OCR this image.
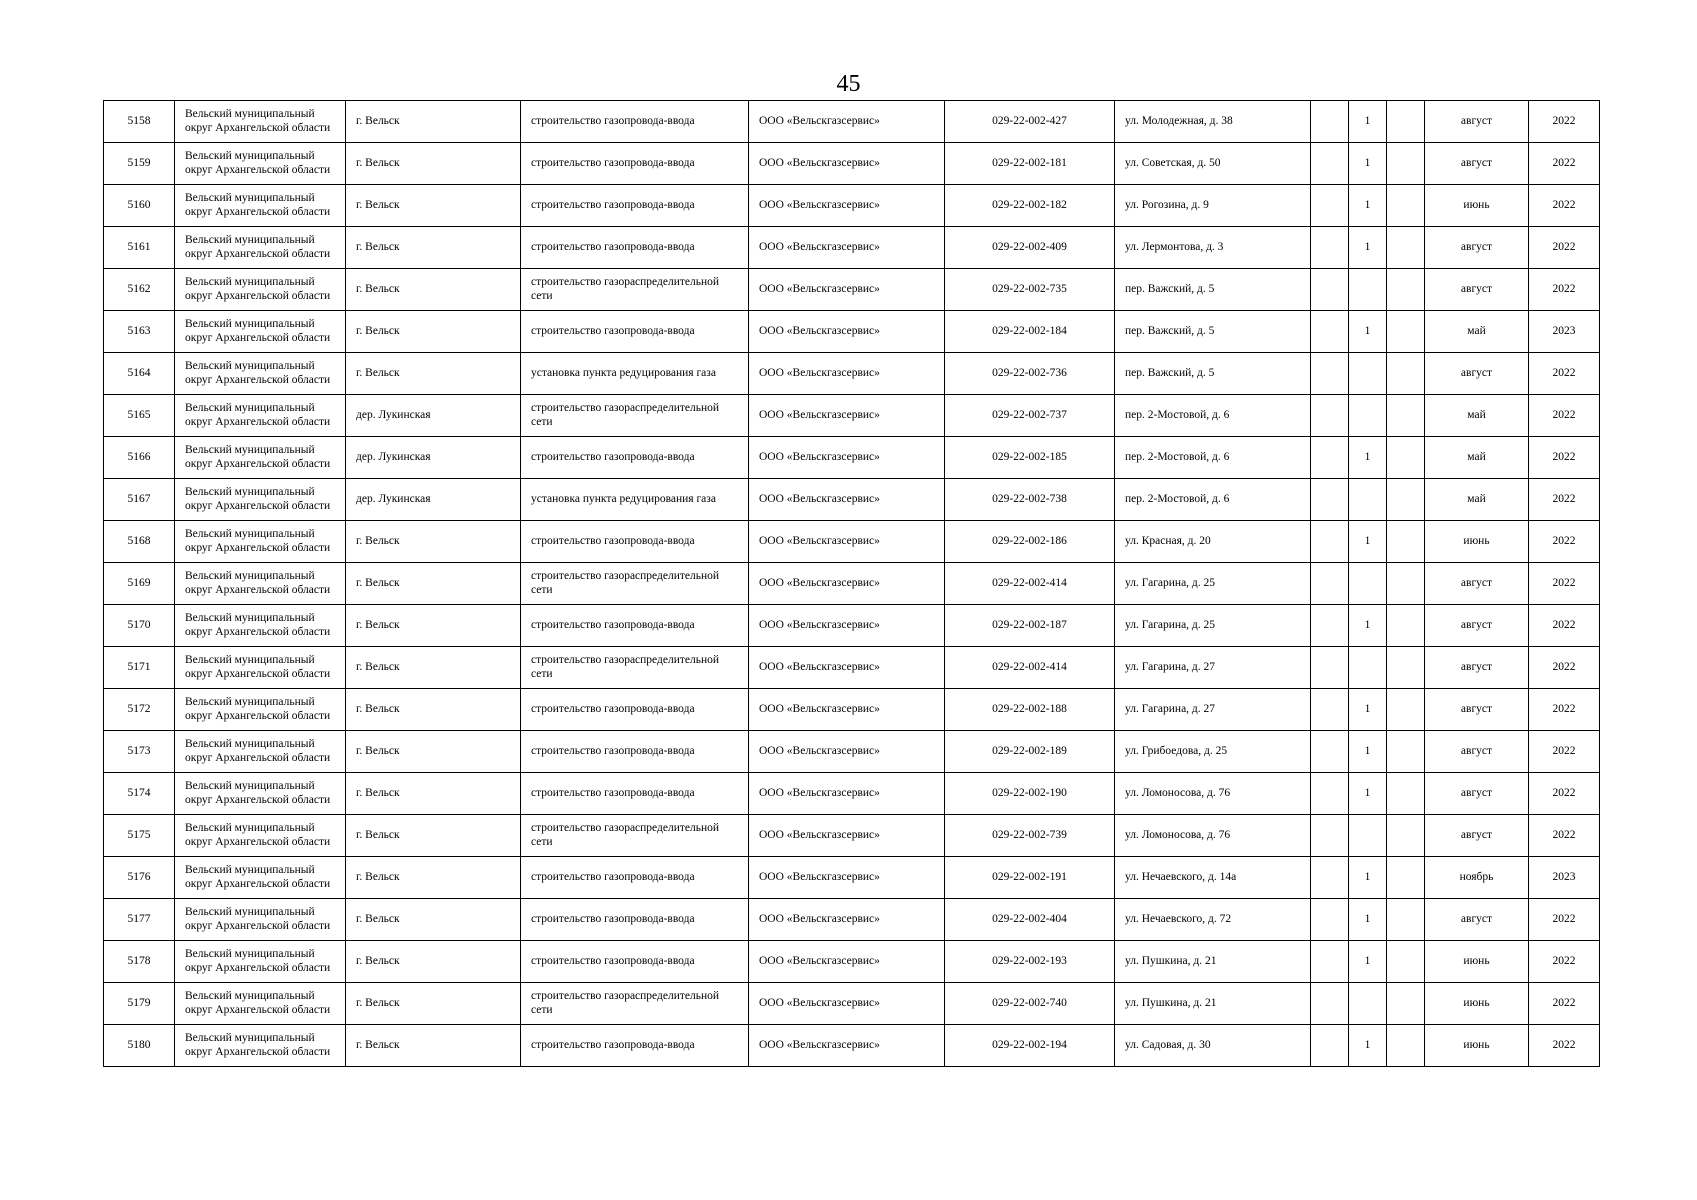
45
5158	Вельский муниципальный округ Архангельской области	г. Вельск	строительство газопровода-ввода	ООО «Вельскгазсервис»	029-22-002-427	ул. Молодежная, д. 38		1		август	2022
5159	Вельский муниципальный округ Архангельской области	г. Вельск	строительство газопровода-ввода	ООО «Вельскгазсервис»	029-22-002-181	ул. Советская, д. 50		1		август	2022
5160	Вельский муниципальный округ Архангельской области	г. Вельск	строительство газопровода-ввода	ООО «Вельскгазсервис»	029-22-002-182	ул. Рогозина, д. 9		1		июнь	2022
5161	Вельский муниципальный округ Архангельской области	г. Вельск	строительство газопровода-ввода	ООО «Вельскгазсервис»	029-22-002-409	ул. Лермонтова, д. 3		1		август	2022
5162	Вельский муниципальный округ Архангельской области	г. Вельск	строительство газораспределительной сети	ООО «Вельскгазсервис»	029-22-002-735	пер. Важский, д. 5				август	2022
5163	Вельский муниципальный округ Архангельской области	г. Вельск	строительство газопровода-ввода	ООО «Вельскгазсервис»	029-22-002-184	пер. Важский, д. 5		1		май	2023
5164	Вельский муниципальный округ Архангельской области	г. Вельск	установка пункта редуцирования газа	ООО «Вельскгазсервис»	029-22-002-736	пер. Важский, д. 5				август	2022
5165	Вельский муниципальный округ Архангельской области	дер. Лукинская	строительство газораспределительной сети	ООО «Вельскгазсервис»	029-22-002-737	пер. 2-Мостовой, д. 6				май	2022
5166	Вельский муниципальный округ Архангельской области	дер. Лукинская	строительство газопровода-ввода	ООО «Вельскгазсервис»	029-22-002-185	пер. 2-Мостовой, д. 6		1		май	2022
5167	Вельский муниципальный округ Архангельской области	дер. Лукинская	установка пункта редуцирования газа	ООО «Вельскгазсервис»	029-22-002-738	пер. 2-Мостовой, д. 6				май	2022
5168	Вельский муниципальный округ Архангельской области	г. Вельск	строительство газопровода-ввода	ООО «Вельскгазсервис»	029-22-002-186	ул. Красная, д. 20		1		июнь	2022
5169	Вельский муниципальный округ Архангельской области	г. Вельск	строительство газораспределительной сети	ООО «Вельскгазсервис»	029-22-002-414	ул. Гагарина, д. 25				август	2022
5170	Вельский муниципальный округ Архангельской области	г. Вельск	строительство газопровода-ввода	ООО «Вельскгазсервис»	029-22-002-187	ул. Гагарина, д. 25		1		август	2022
5171	Вельский муниципальный округ Архангельской области	г. Вельск	строительство газораспределительной сети	ООО «Вельскгазсервис»	029-22-002-414	ул. Гагарина, д. 27				август	2022
5172	Вельский муниципальный округ Архангельской области	г. Вельск	строительство газопровода-ввода	ООО «Вельскгазсервис»	029-22-002-188	ул. Гагарина, д. 27		1		август	2022
5173	Вельский муниципальный округ Архангельской области	г. Вельск	строительство газопровода-ввода	ООО «Вельскгазсервис»	029-22-002-189	ул. Грибоедова, д. 25		1		август	2022
5174	Вельский муниципальный округ Архангельской области	г. Вельск	строительство газопровода-ввода	ООО «Вельскгазсервис»	029-22-002-190	ул. Ломоносова, д. 76		1		август	2022
5175	Вельский муниципальный округ Архангельской области	г. Вельск	строительство газораспределительной сети	ООО «Вельскгазсервис»	029-22-002-739	ул. Ломоносова, д. 76				август	2022
5176	Вельский муниципальный округ Архангельской области	г. Вельск	строительство газопровода-ввода	ООО «Вельскгазсервис»	029-22-002-191	ул. Нечаевского, д. 14а		1		ноябрь	2023
5177	Вельский муниципальный округ Архангельской области	г. Вельск	строительство газопровода-ввода	ООО «Вельскгазсервис»	029-22-002-404	ул. Нечаевского, д. 72		1		август	2022
5178	Вельский муниципальный округ Архангельской области	г. Вельск	строительство газопровода-ввода	ООО «Вельскгазсервис»	029-22-002-193	ул. Пушкина, д. 21		1		июнь	2022
5179	Вельский муниципальный округ Архангельской области	г. Вельск	строительство газораспределительной сети	ООО «Вельскгазсервис»	029-22-002-740	ул. Пушкина, д. 21				июнь	2022
5180	Вельский муниципальный округ Архангельской области	г. Вельск	строительство газопровода-ввода	ООО «Вельскгазсервис»	029-22-002-194	ул. Садовая, д. 30		1		июнь	2022
